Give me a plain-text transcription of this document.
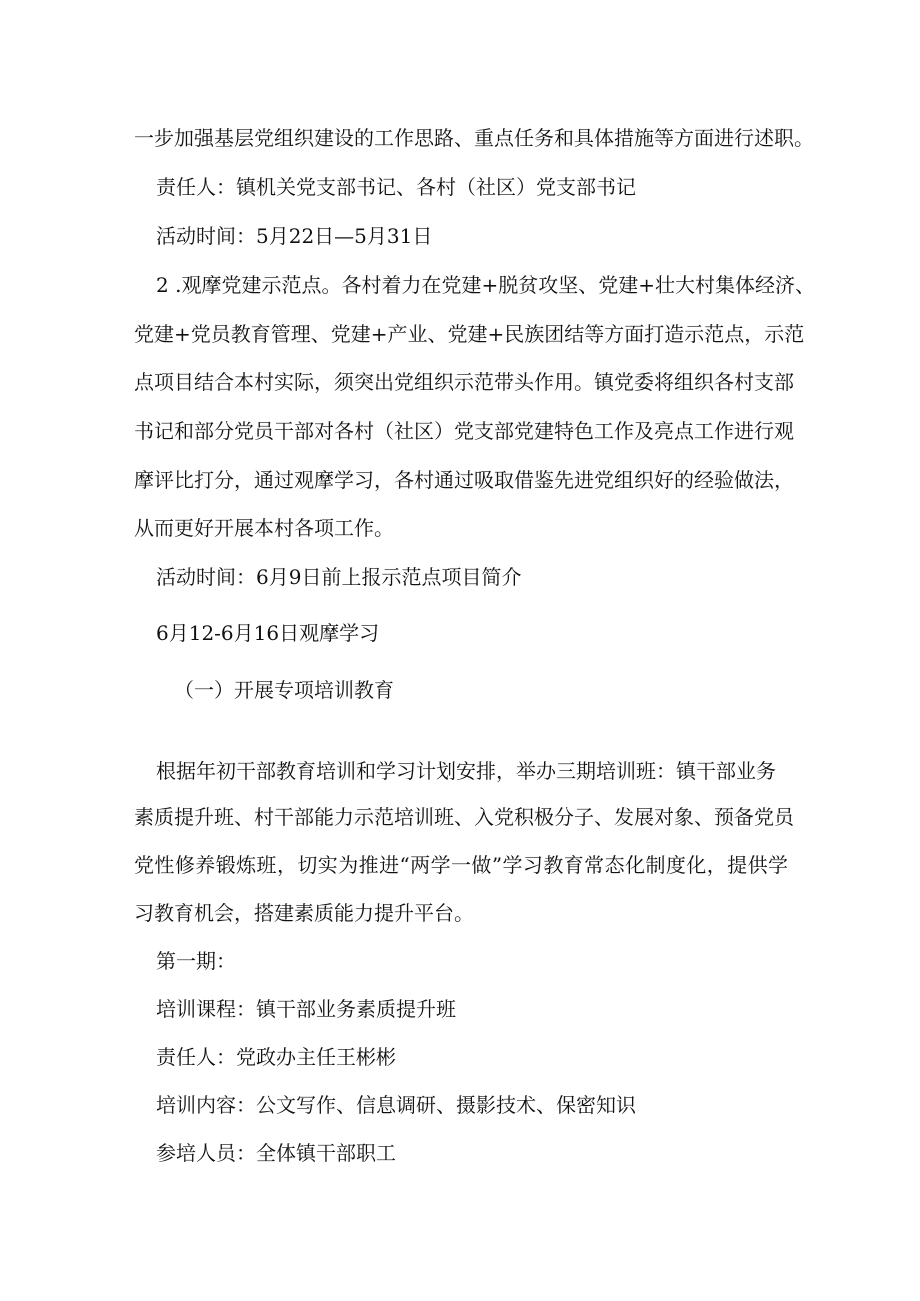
一步加强基层党组织建设的工作思路、重点任务和具体措施等方面进行述职。
责任人：镇机关党支部书记、各村（社区）党支部书记
活动时间：5月22日—5月31日
2 .观摩党建示范点。各村着力在党建+脱贫攻坚、党建+壮大村集体经济、
党建+党员教育管理、党建+产业、党建+民族团结等方面打造示范点，示范
点项目结合本村实际，须突出党组织示范带头作用。镇党委将组织各村支部
书记和部分党员干部对各村（社区）党支部党建特色工作及亮点工作进行观
摩评比打分，通过观摩学习，各村通过吸取借鉴先进党组织好的经验做法，
从而更好开展本村各项工作。
活动时间：6月9日前上报示范点项目简介
6月12-6月16日观摩学习
（一）开展专项培训教育
根据年初干部教育培训和学习计划安排，举办三期培训班：镇干部业务
素质提升班、村干部能力示范培训班、入党积极分子、发展对象、预备党员
党性修养锻炼班，切实为推进“两学一做”学习教育常态化制度化，提供学
习教育机会，搭建素质能力提升平台。
第一期：
培训课程：镇干部业务素质提升班
责任人：党政办主任王彬彬
培训内容：公文写作、信息调研、摄影技术、保密知识
参培人员：全体镇干部职工
